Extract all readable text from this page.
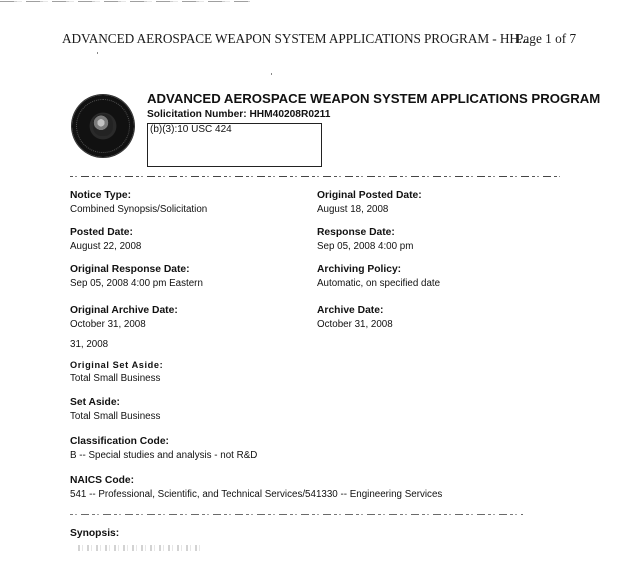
ADVANCED AEROSPACE WEAPON SYSTEM APPLICATIONS PROGRAM - HH...
Page 1 of 7
ADVANCED AEROSPACE WEAPON SYSTEM APPLICATIONS PROGRAM
Solicitation Number: HHM40208R0211
(b)(3):10 USC 424
Notice Type:
Combined Synopsis/Solicitation
Posted Date:
August 22, 2008
Original Response Date:
Sep 05, 2008 4:00 pm Eastern
Original Archive Date:
October 31, 2008
Original Posted Date:
August 18, 2008
Response Date:
Sep 05, 2008 4:00 pm
Archiving Policy:
Automatic, on specified date
Archive Date:
October 31, 2008
31, 2008
Original Set Aside:
Total Small Business
Set Aside:
Total Small Business
Classification Code:
B -- Special studies and analysis - not R&D
NAICS Code:
541 -- Professional, Scientific, and Technical Services/541330 -- Engineering Services
Synopsis:
